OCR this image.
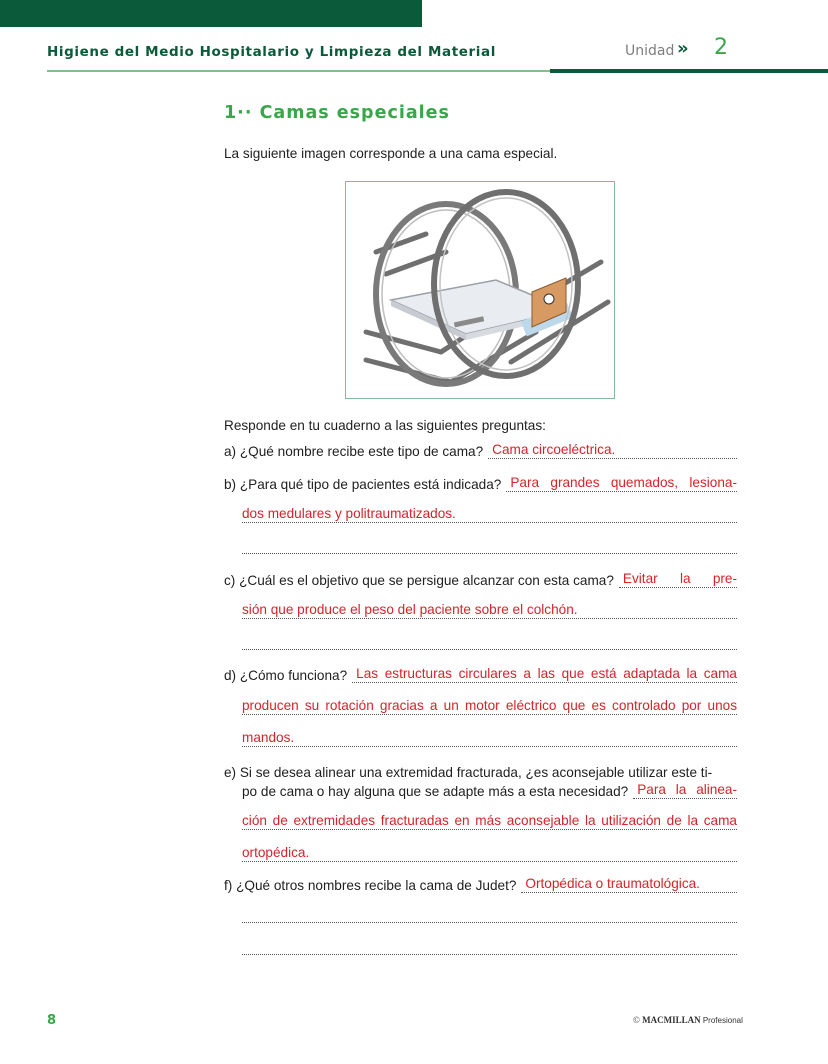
Higiene del Medio Hospitalario y Limpieza del Material	Unidad » 2
1·· Camas especiales
La siguiente imagen corresponde a una cama especial.
Responde en tu cuaderno a las siguientes preguntas:
a) ¿Qué nombre recibe este tipo de cama? Cama circoeléctrica.
b) ¿Para qué tipo de pacientes está indicada? Para grandes quemados, lesiona-
dos medulares y politraumatizados.
c) ¿Cuál es el objetivo que se persigue alcanzar con esta cama? Evitar la pre-
sión que produce el peso del paciente sobre el colchón.
d) ¿Cómo funciona? Las estructuras circulares a las que está adaptada la cama
producen su rotación gracias a un motor eléctrico que es controlado por unos
mandos.
e) Si se desea alinear una extremidad fracturada, ¿es aconsejable utilizar este ti-
po de cama o hay alguna que se adapte más a esta necesidad? Para la alinea-
ción de extremidades fracturadas en más aconsejable la utilización de la cama
ortopédica.
f) ¿Qué otros nombres recibe la cama de Judet? Ortopédica o traumatológica.
8	© MACMILLAN Profesional
